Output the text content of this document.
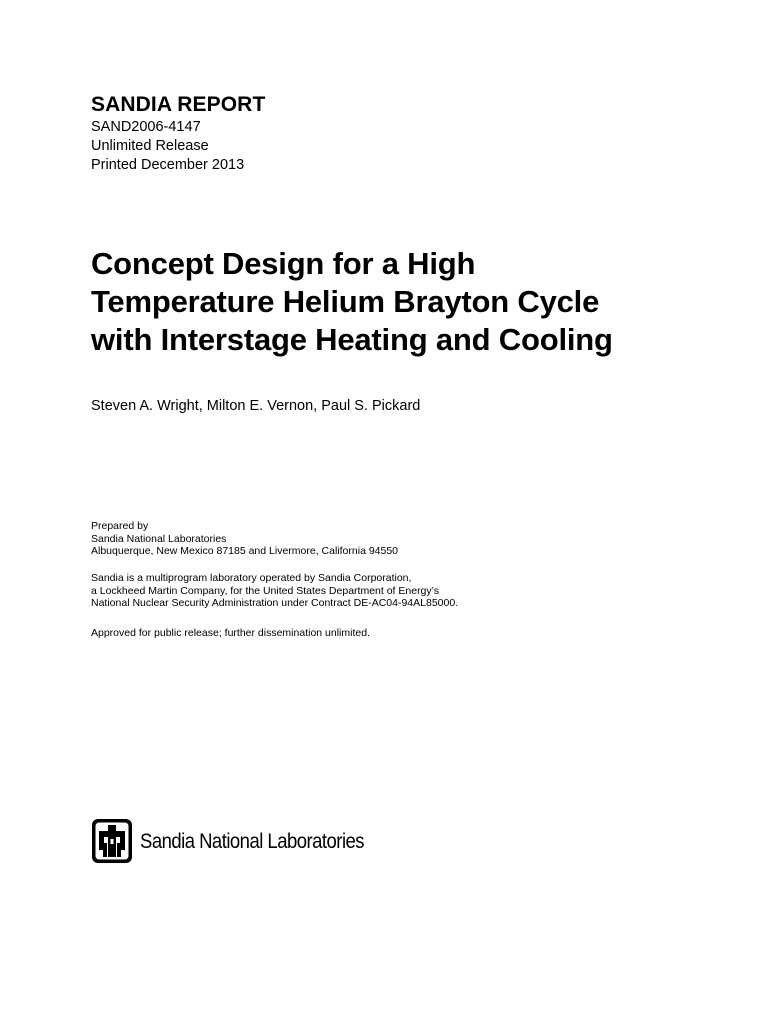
SANDIA REPORT
SAND2006-4147
Unlimited Release
Printed December 2013
Concept Design for a High
Temperature Helium Brayton Cycle
with Interstage Heating and Cooling
Steven A. Wright, Milton E. Vernon, Paul S. Pickard
Prepared by
Sandia National Laboratories
Albuquerque, New Mexico 87185 and Livermore, California 94550
Sandia is a multiprogram laboratory operated by Sandia Corporation,
a Lockheed Martin Company, for the United States Department of Energy’s
National Nuclear Security Administration under Contract DE-AC04-94AL85000.
Approved for public release; further dissemination unlimited.
Sandia National Laboratories
